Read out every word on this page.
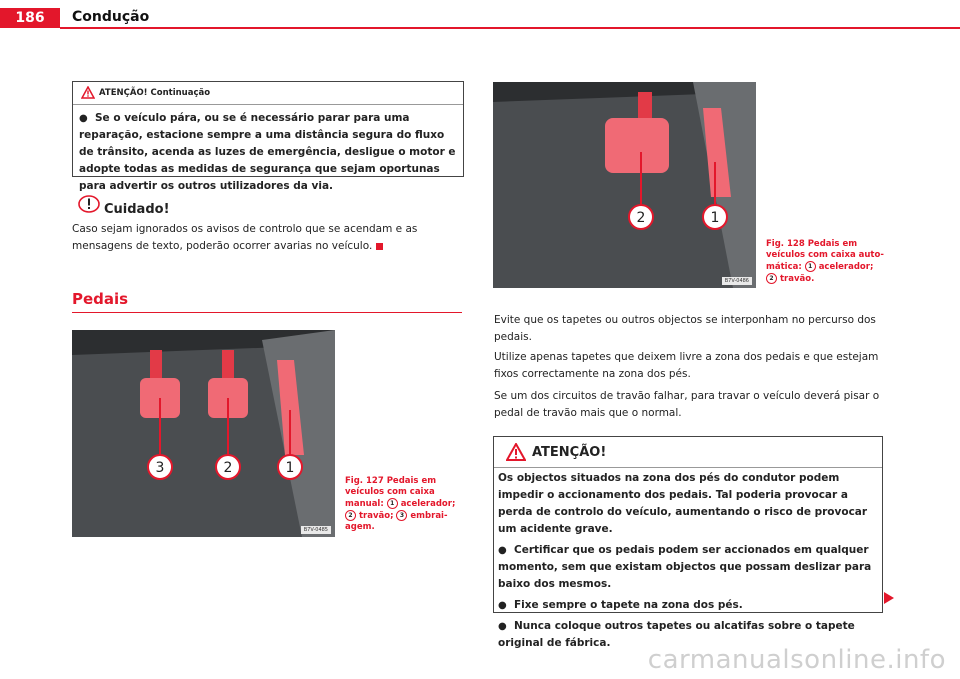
186	Condução
ATENÇÃO! Continuação
● Se o veículo pára, ou se é necessário parar para uma reparação, estacione sempre a uma distância segura do fluxo de trânsito, acenda as luzes de emergência, desligue o motor e adopte todas as medidas de segurança que sejam oportunas para advertir os outros utilizadores da via.
Cuidado!
Caso sejam ignorados os avisos de controlo que se acendam e as mensagens de texto, poderão ocorrer avarias no veículo.
Pedais
3	2	1
B7V-0485
Fig. 127 Pedais em veículos com caixa manual: 1 acelerador; 2 travão; 3 embraiagem.
2	1
B7V-0486
Fig. 128 Pedais em veículos com caixa automática: 1 acelerador; 2 travão.
Evite que os tapetes ou outros objectos se interponham no percurso dos pedais.
Utilize apenas tapetes que deixem livre a zona dos pedais e que estejam fixos correctamente na zona dos pés.
Se um dos circuitos de travão falhar, para travar o veículo deverá pisar o pedal de travão mais que o normal.
ATENÇÃO!

Os objectos situados na zona dos pés do condutor podem impedir o accionamento dos pedais. Tal poderia provocar a perda de controlo do veículo, aumentando o risco de provocar um acidente grave.

● Certificar que os pedais podem ser accionados em qualquer momento, sem que existam objectos que possam deslizar para baixo dos mesmos.

● Fixe sempre o tapete na zona dos pés.

● Nunca coloque outros tapetes ou alcatifas sobre o tapete original de fábrica.

carmanualsonline.info
